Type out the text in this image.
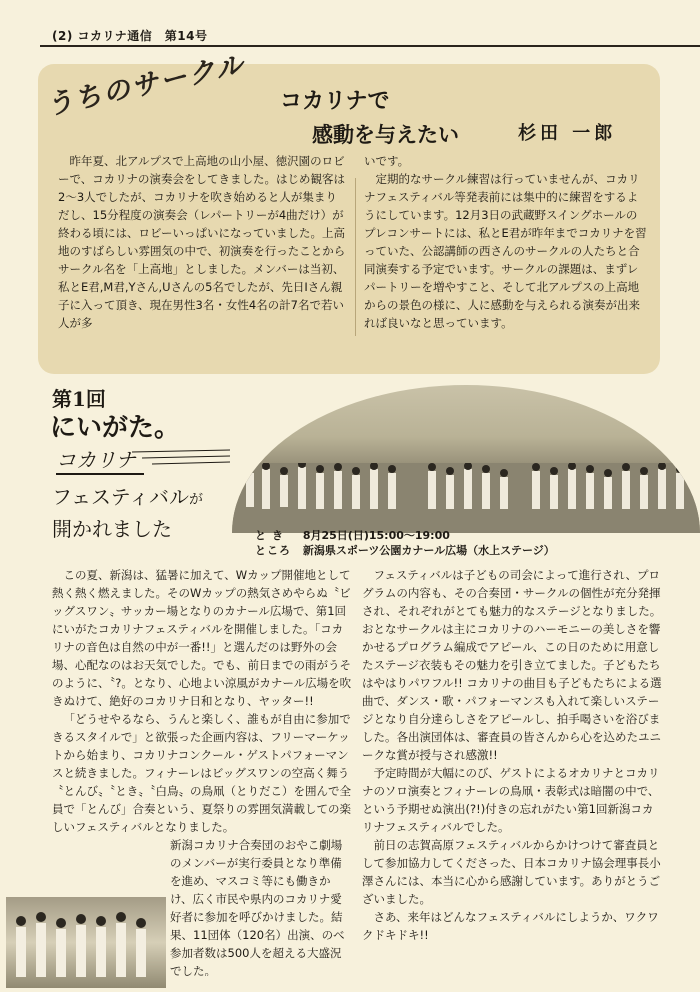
(2) コカリナ通信　第14号
うちのサークル コカリナで
感動を与えたい	杉田 一郎

昨年夏、北アルプスで上高地の山小屋、徳沢園のロビーで、コカリナの演奏会をしてきました。はじめ観客は2～3人でしたが、コカリナを吹き始めると人が集まりだし、15分程度の演奏会（レパートリーが4曲だけ）が終わる頃には、ロビーいっぱいになっていました。上高地のすばらしい雰囲気の中で、初演奏を行ったことからサークル名を「上高地」としました。メンバーは当初、私とE君,M君,Yさん,Uさんの5名でしたが、先日Iさん親子に入って頂き、現在男性3名・女性4名の計7名で若い人が多

いです。

定期的なサークル練習は行っていませんが、コカリナフェスティバル等発表前には集中的に練習をするようにしています。12月3日の武蔵野スイングホールのプレコンサートには、私とE君が昨年までコカリナを習っていた、公認講師の西さんのサークルの人たちと合同演奏する予定でいます。サークルの課題は、まずレパートリーを増やすこと、そして北アルプスの上高地からの景色の様に、人に感動を与えられる演奏が出来れば良いなと思っています。

第1回
にいがた。
コカリナ
フェスティバルが
開かれました	とき 8月25日(日)15:00～19:00
ところ 新潟県スポーツ公園カナール広場（水上ステージ）

この夏、新潟は、猛暑に加えて、Wカップ開催地として熱く熱く燃えました。そのWカップの熱気さめやらぬ〝ビッグスワン〟サッカー場となりのカナール広場で、第1回にいがたコカリナフェスティバルを開催しました。「コカリナの音色は自然の中が一番!!」と選んだのは野外の会場、心配なのはお天気でした。でも、前日までの雨がうそのように、〝?。となり、心地よい涼風がカナール広場を吹きぬけて、絶好のコカリナ日和となり、ヤッター!!

「どうせやるなら、うんと楽しく、誰もが自由に参加できるスタイルで」と欲張った企画内容は、フリーマーケットから始まり、コカリナコンクール・ゲストパフォーマンスと続きました。フィナーレはビッグスワンの空高く舞う〝とんび〟〝とき〟〝白鳥〟の鳥凧（とりだこ）を囲んで全員で「とんび」合奏という、夏祭りの雰囲気満載しての楽しいフェスティバルとなりました。

新潟コカリナ合奏団のおやこ劇場のメンバーが実行委員となり準備を進め、マスコミ等にも働きかけ、広く市民や県内のコカリナ愛好者に参加を呼びかけました。結果、11団体（120名）出演、のべ参加者数は500人を超える大盛況でした。

フェスティバルは子どもの司会によって進行され、プログラムの内容も、その合奏団・サークルの個性が充分発揮され、それぞれがとても魅力的なステージとなりました。おとなサークルは主にコカリナのハーモニーの美しさを響かせるプログラム編成でアピール、この日のために用意したステージ衣装もその魅力を引き立てました。子どもたちはやはりパワフル!! コカリナの曲目も子どもたちによる選曲で、ダンス・歌・パフォーマンスも入れて楽しいステージとなり自分達らしさをアピールし、拍手喝さいを浴びました。各出演団体は、審査員の皆さんから心を込めたユニークな賞が授与され感激!!

予定時間が大幅にのび、ゲストによるオカリナとコカリナのソロ演奏とフィナーレの鳥凧・表彰式は暗闇の中で、という予期せぬ演出(?!)付きの忘れがたい第1回新潟コカリナフェスティバルでした。

前日の志賀高原フェスティバルからかけつけて審査員として参加協力してくださった、日本コカリナ協会理事長小澤さんには、本当に心から感謝しています。ありがとうございました。

さあ、来年はどんなフェスティバルにしようか、ワクワクドキドキ!!
